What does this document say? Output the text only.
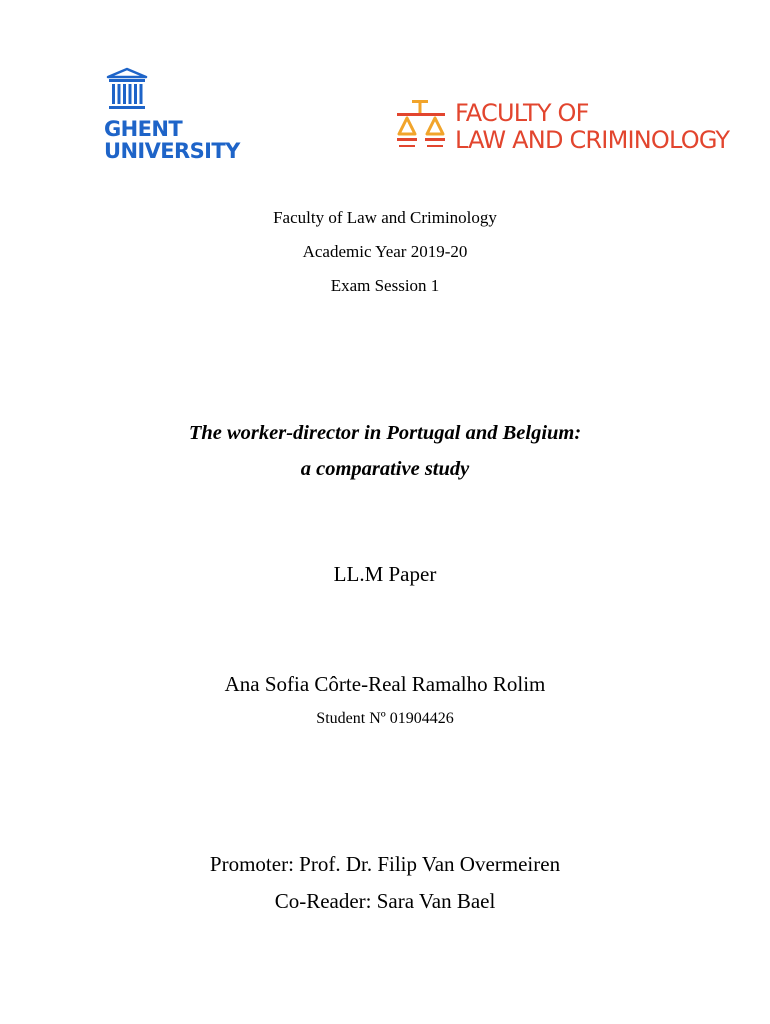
GHENT
UNIVERSITY
FACULTY OF
LAW AND CRIMINOLOGY
Faculty of Law and Criminology
Academic Year 2019-20
Exam Session 1
The worker-director in Portugal and Belgium:
a comparative study
LL.M Paper
Ana Sofia Côrte-Real Ramalho Rolim
Student Nº 01904426
Promoter: Prof. Dr. Filip Van Overmeiren
Co-Reader: Sara Van Bael
